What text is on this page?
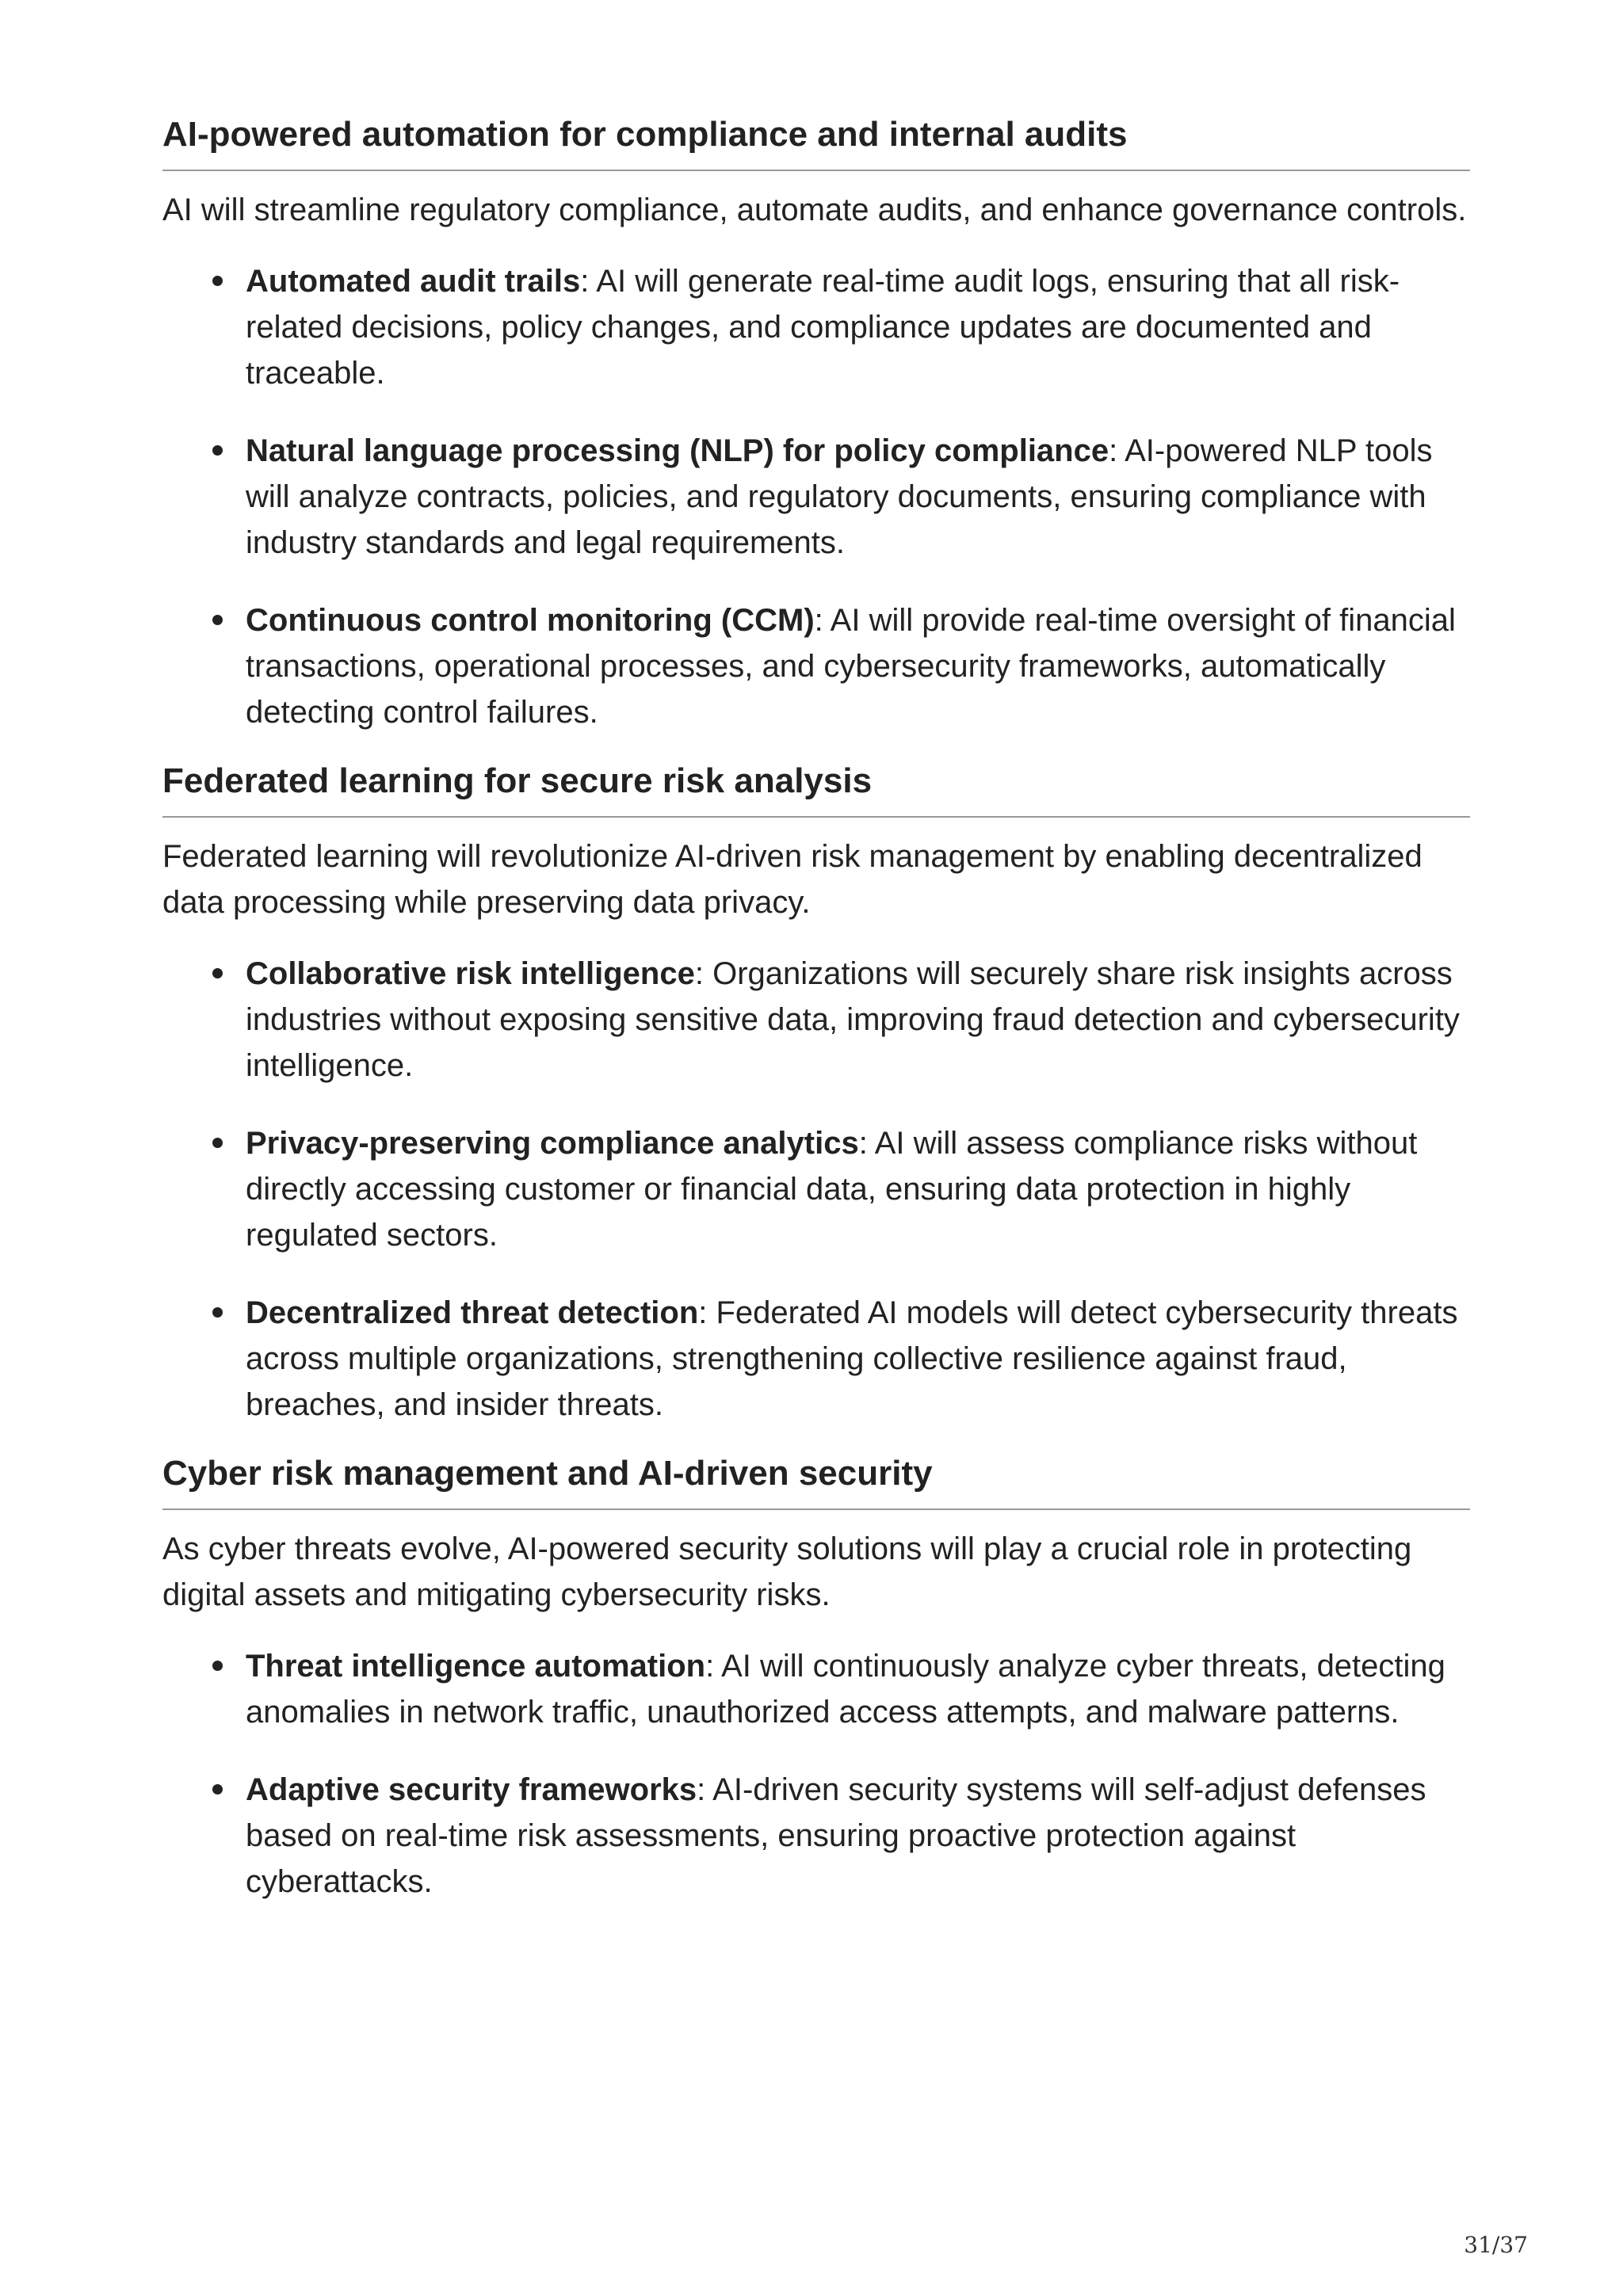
AI-powered automation for compliance and internal audits

AI will streamline regulatory compliance, automate audits, and enhance governance controls.

Automated audit trails: AI will generate real-time audit logs, ensuring that all risk-related decisions, policy changes, and compliance updates are documented and traceable.
Natural language processing (NLP) for policy compliance: AI-powered NLP tools will analyze contracts, policies, and regulatory documents, ensuring compliance with industry standards and legal requirements.
Continuous control monitoring (CCM): AI will provide real-time oversight of financial transactions, operational processes, and cybersecurity frameworks, automatically detecting control failures.
Federated learning for secure risk analysis

Federated learning will revolutionize AI-driven risk management by enabling decentralized data processing while preserving data privacy.

Collaborative risk intelligence: Organizations will securely share risk insights across industries without exposing sensitive data, improving fraud detection and cybersecurity intelligence.
Privacy-preserving compliance analytics: AI will assess compliance risks without directly accessing customer or financial data, ensuring data protection in highly regulated sectors.
Decentralized threat detection: Federated AI models will detect cybersecurity threats across multiple organizations, strengthening collective resilience against fraud, breaches, and insider threats.
Cyber risk management and AI-driven security

As cyber threats evolve, AI-powered security solutions will play a crucial role in protecting digital assets and mitigating cybersecurity risks.

Threat intelligence automation: AI will continuously analyze cyber threats, detecting anomalies in network traffic, unauthorized access attempts, and malware patterns.
Adaptive security frameworks: AI-driven security systems will self-adjust defenses based on real-time risk assessments, ensuring proactive protection against cyberattacks.
31/37
